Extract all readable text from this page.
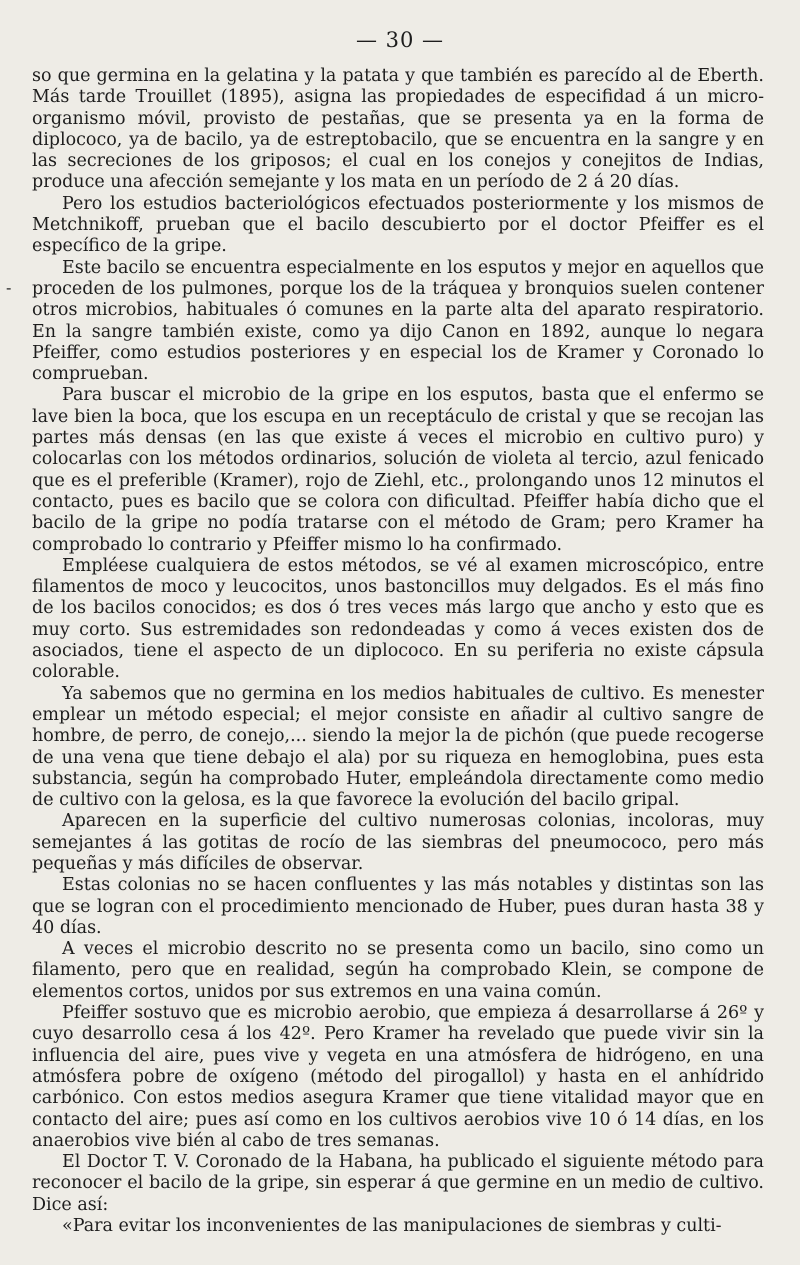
— 30 —
-

so que germina en la gelatina y la patata y que también es parecído al de Eberth. Más tarde Trouillet (1895), asigna las propiedades de especifidad á un micro-organismo móvil, provisto de pestañas, que se presenta ya en la forma de diplococo, ya de bacilo, ya de estreptobacilo, que se encuentra en la sangre y en las secreciones de los griposos; el cual en los conejos y conejitos de Indias, produce una afección semejante y los mata en un período de 2 á 20 días.

Pero los estudios bacteriológicos efectuados posteriormente y los mismos de Metchnikoff, prueban que el bacilo descubierto por el doctor Pfeiffer es el específico de la gripe.

Este bacilo se encuentra especialmente en los esputos y mejor en aquellos que proceden de los pulmones, porque los de la tráquea y bronquios suelen contener otros microbios, habituales ó comunes en la parte alta del aparato respiratorio. En la sangre también existe, como ya dijo Canon en 1892, aunque lo negara Pfeiffer, como estudios posteriores y en especial los de Kramer y Coronado lo comprueban.

Para buscar el microbio de la gripe en los esputos, basta que el enfermo se lave bien la boca, que los escupa en un receptáculo de cristal y que se recojan las partes más densas (en las que existe á veces el microbio en cultivo puro) y colocarlas con los métodos ordinarios, solución de violeta al tercio, azul fenicado que es el preferible (Kramer), rojo de Ziehl, etc., prolongando unos 12 minutos el contacto, pues es bacilo que se colora con dificultad. Pfeiffer había dicho que el bacilo de la gripe no podía tratarse con el método de Gram; pero Kramer ha comprobado lo contrario y Pfeiffer mismo lo ha confirmado.

Empléese cualquiera de estos métodos, se vé al examen microscópico, entre filamentos de moco y leucocitos, unos bastoncillos muy delgados. Es el más fino de los bacilos conocidos; es dos ó tres veces más largo que ancho y esto que es muy corto. Sus estremidades son redondeadas y como á veces existen dos de asociados, tiene el aspecto de un diplococo. En su periferia no existe cápsula colorable.

Ya sabemos que no germina en los medios habituales de cultivo. Es menester emplear un método especial; el mejor consiste en añadir al cultivo sangre de hombre, de perro, de conejo,... siendo la mejor la de pichón (que puede recogerse de una vena que tiene debajo el ala) por su riqueza en hemoglobina, pues esta substancia, según ha comprobado Huter, empleándola directamente como medio de cultivo con la gelosa, es la que favorece la evolución del bacilo gripal.

Aparecen en la superficie del cultivo numerosas colonias, incoloras, muy semejantes á las gotitas de rocío de las siembras del pneumococo, pero más pequeñas y más difíciles de observar.

Estas colonias no se hacen confluentes y las más notables y distintas son las que se logran con el procedimiento mencionado de Huber, pues duran hasta 38 y 40 días.

A veces el microbio descrito no se presenta como un bacilo, sino como un filamento, pero que en realidad, según ha comprobado Klein, se compone de elementos cortos, unidos por sus extremos en una vaina común.

Pfeiffer sostuvo que es microbio aerobio, que empieza á desarrollarse á 26º y cuyo desarrollo cesa á los 42º. Pero Kramer ha revelado que puede vivir sin la influencia del aire, pues vive y vegeta en una atmósfera de hidrógeno, en una atmósfera pobre de oxígeno (método del pirogallol) y hasta en el anhídrido carbónico. Con estos medios asegura Kramer que tiene vitalidad mayor que en contacto del aire; pues así como en los cultivos aerobios vive 10 ó 14 días, en los anaerobios vive bién al cabo de tres semanas.

El Doctor T. V. Coronado de la Habana, ha publicado el siguiente método para reconocer el bacilo de la gripe, sin esperar á que germine en un medio de cultivo. Dice así:

«Para evitar los inconvenientes de las manipulaciones de siembras y culti-
